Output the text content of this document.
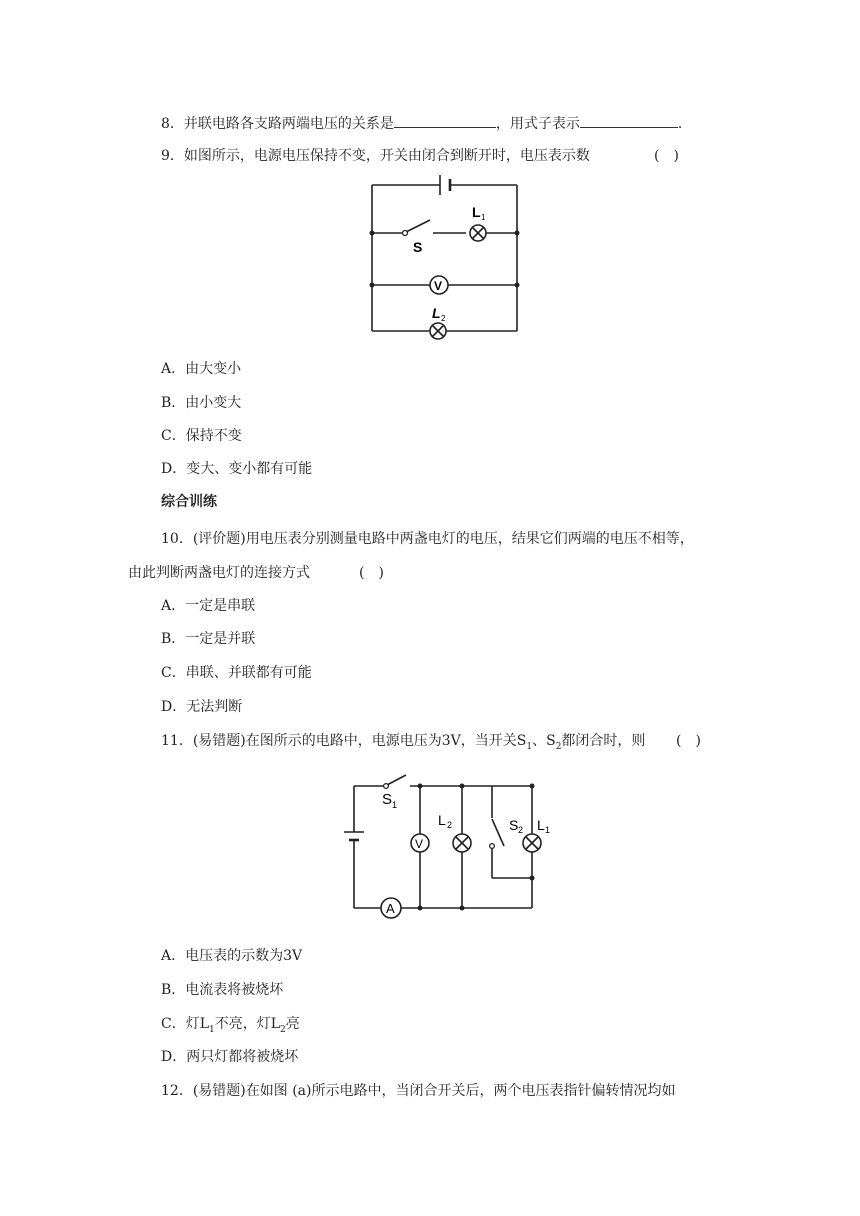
8．并联电路各支路两端电压的关系是	，用式子表示	．
9．如图所示，电源电压保持不变，开关由闭合到断开时，电压表示数	(　)
S
L 1
V
L 2
A．由大变小
B．由小变大
C．保持不变
D．变大、变小都有可能
综合训练
10．(评价题)用电压表分别测量电路中两盏电灯的电压，结果它们两端的电压不相等，
由此判断两盏电灯的连接方式	(　)
A．一定是串联
B．一定是并联
C．串联、并联都有可能
D．无法判断
11．(易错题)在图所示的电路中，电源电压为3V，当开关$S_1$、$S_2$都闭合时，则 (　)
S 1
L 2	S 2 L 1
V
A
A．电压表的示数为3V
B．电流表将被烧坏
C．灯$L_1$不亮，灯$L_2$亮
D．两只灯都将被烧坏
12．(易错题)在如图 (a)所示电路中，当闭合开关后，两个电压表指针偏转情况均如
